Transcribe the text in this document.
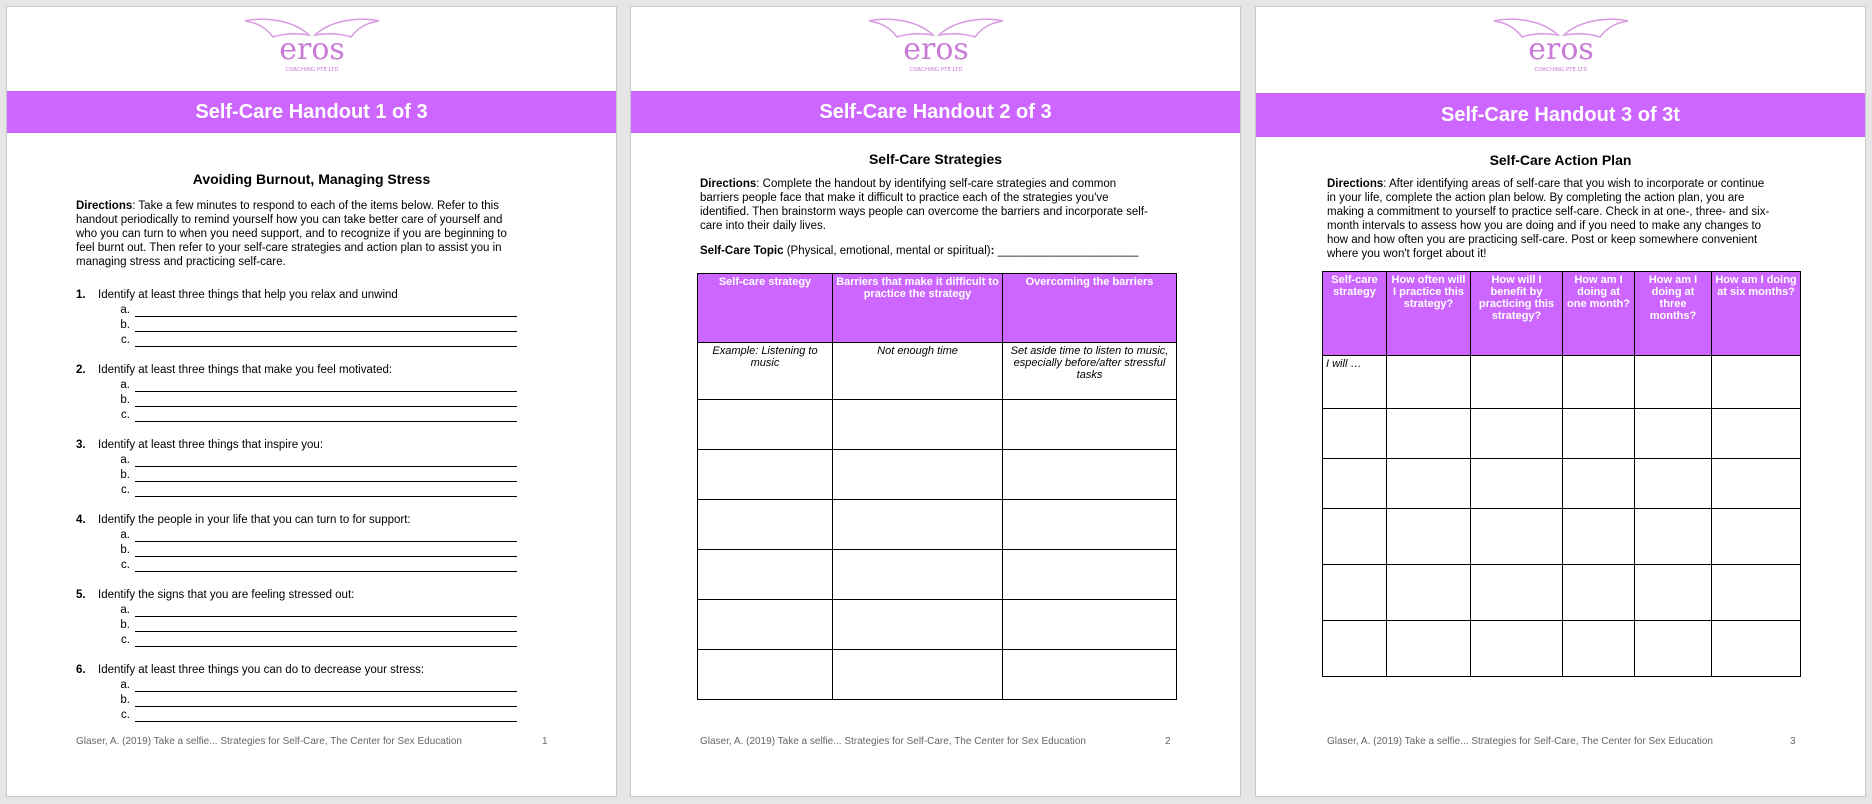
eros
COACHING PTE LTD
Self-Care Handout 1 of 3
Avoiding Burnout, Managing Stress
Directions: Take a few minutes to respond to each of the items below. Refer to this
handout periodically to remind yourself how you can take better care of yourself and
who you can turn to when you need support, and to recognize if you are beginning to
feel burnt out. Then refer to your self-care strategies and action plan to assist you in
managing stress and practicing self-care.
1. Identify at least three things that help you relax and unwind
a.
b.
c.
2. Identify at least three things that make you feel motivated:
a.
b.
c.
3. Identify at least three things that inspire you:
a.
b.
c.
4. Identify the people in your life that you can turn to for support:
a.
b.
c.
5. Identify the signs that you are feeling stressed out:
a.
b.
c.
6. Identify at least three things you can do to decrease your stress:
a.
b.
c.
Glaser, A. (2019) Take a selfie... Strategies for Self-Care, The Center for Sex Education	1
eros
COACHING PTE LTD
Self-Care Handout 2 of 3
Self-Care Strategies
Directions: Complete the handout by identifying self-care strategies and common
barriers people face that make it difficult to practice each of the strategies you've
identified. Then brainstorm ways people can overcome the barriers and incorporate self-
care into their daily lives.
Self-Care Topic (Physical, emotional, mental or spiritual): ______________________
Self-care strategy	Barriers that make it difficult to practice the strategy	Overcoming the barriers
Example: Listening to music	Not enough time	Set aside time to listen to music, especially before/after stressful tasks

Glaser, A. (2019) Take a selfie... Strategies for Self-Care, The Center for Sex Education	2
eros
COACHING PTE LTD
Self-Care Handout 3 of 3t
Self-Care Action Plan
Directions: After identifying areas of self-care that you wish to incorporate or continue
in your life, complete the action plan below. By completing the action plan, you are
making a commitment to yourself to practice self-care. Check in at one-, three- and six-
month intervals to assess how you are doing and if you need to make any changes to
how and how often you are practicing self-care. Post or keep somewhere convenient
where you won't forget about it!
Self-care strategy	How often will I practice this strategy?	How will I benefit by practicing this strategy?	How am I doing at one month?	How am I doing at three months?	How am I doing at six months?
I will …					

Glaser, A. (2019) Take a selfie... Strategies for Self-Care, The Center for Sex Education	3
